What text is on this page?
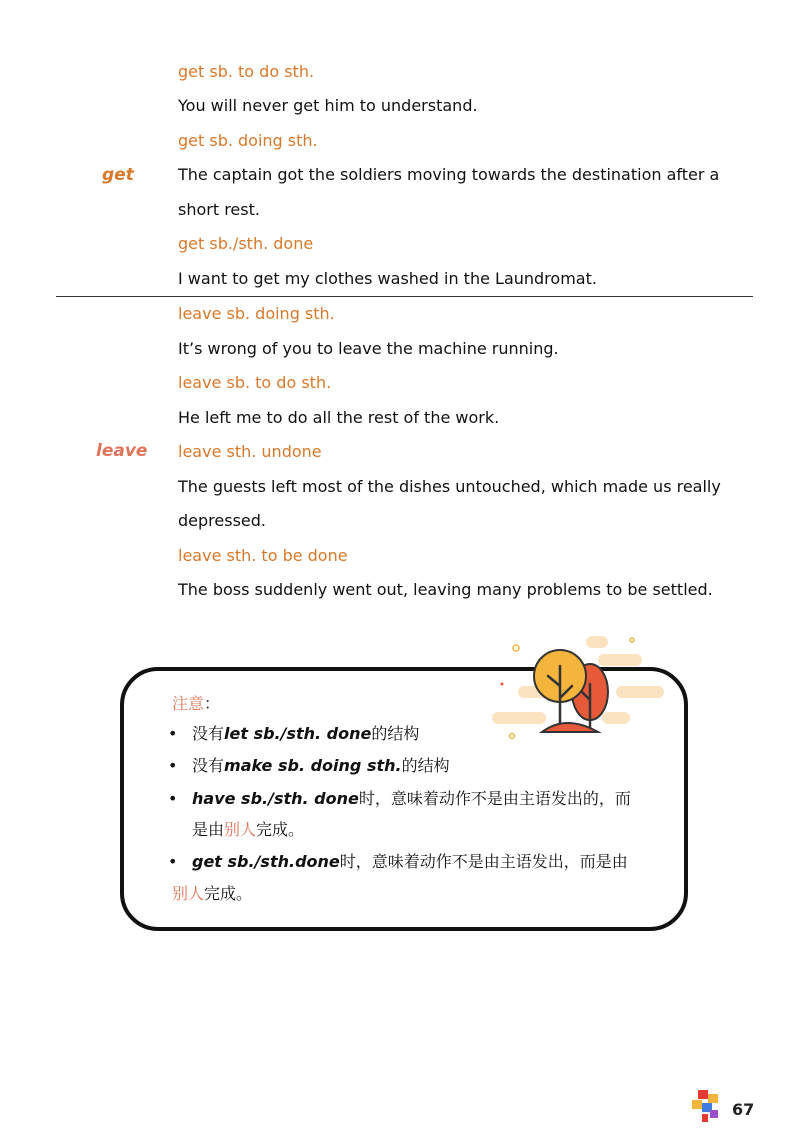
get
get sb. to do sth.
You will never get him to understand.
get sb. doing sth.
The captain got the soldiers moving towards the destination after a
short rest.
get sb./sth. done
I want to get my clothes washed in the Laundromat.
leave
leave sb. doing sth.
It’s wrong of you to leave the machine running.
leave sb. to do sth.
He left me to do all the rest of the work.
leave sth. undone
The guests left most of the dishes untouched, which made us really
depressed.
leave sth. to be done
The boss suddenly went out, leaving many problems to be settled.
注意：
• 没有let sb./sth. done的结构
• 没有make sb. doing sth.的结构
• have sb./sth. done时，意味着动作不是由主语发出的，而
是由别人完成。
• get sb./sth.done时，意味着动作不是由主语发出，而是由
别人完成。
67
